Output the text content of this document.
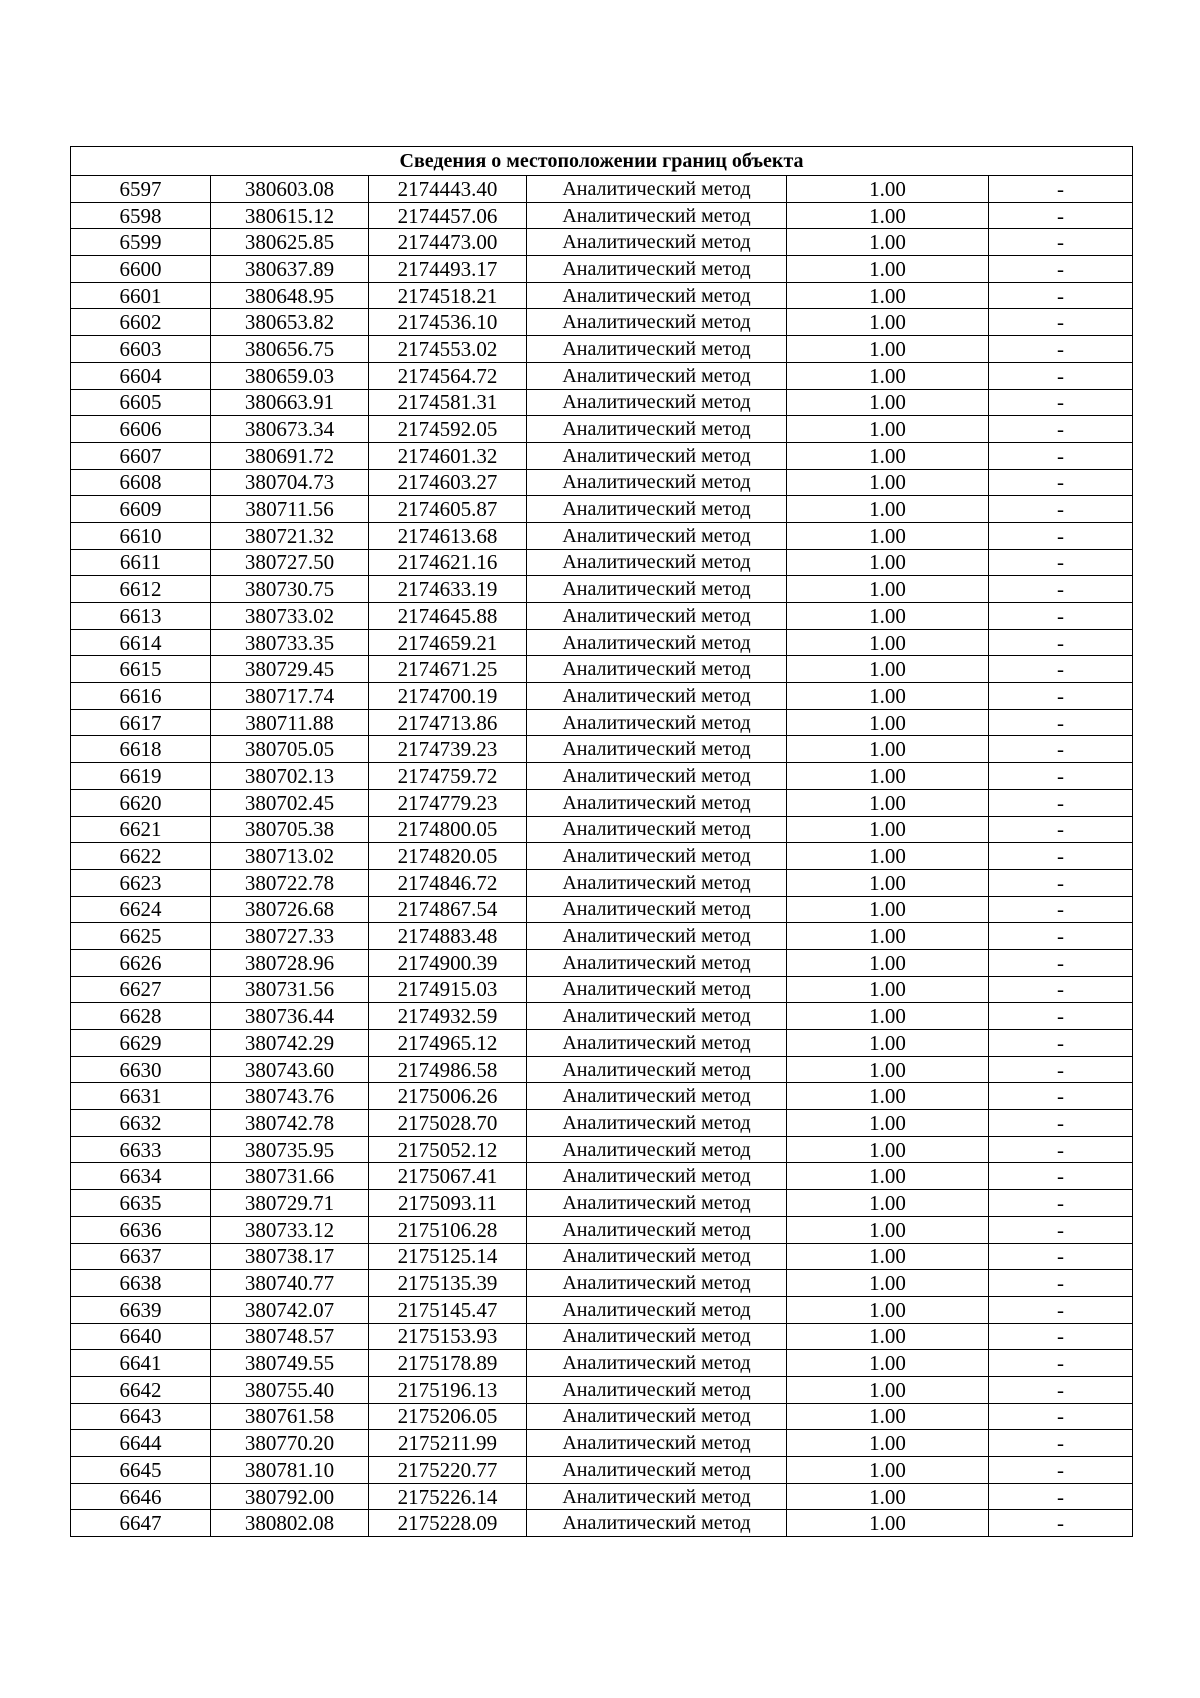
Сведения о местоположении границ объекта					
6597	380603.08	2174443.40	Аналитический метод	1.00	-
6598	380615.12	2174457.06	Аналитический метод	1.00	-
6599	380625.85	2174473.00	Аналитический метод	1.00	-
6600	380637.89	2174493.17	Аналитический метод	1.00	-
6601	380648.95	2174518.21	Аналитический метод	1.00	-
6602	380653.82	2174536.10	Аналитический метод	1.00	-
6603	380656.75	2174553.02	Аналитический метод	1.00	-
6604	380659.03	2174564.72	Аналитический метод	1.00	-
6605	380663.91	2174581.31	Аналитический метод	1.00	-
6606	380673.34	2174592.05	Аналитический метод	1.00	-
6607	380691.72	2174601.32	Аналитический метод	1.00	-
6608	380704.73	2174603.27	Аналитический метод	1.00	-
6609	380711.56	2174605.87	Аналитический метод	1.00	-
6610	380721.32	2174613.68	Аналитический метод	1.00	-
6611	380727.50	2174621.16	Аналитический метод	1.00	-
6612	380730.75	2174633.19	Аналитический метод	1.00	-
6613	380733.02	2174645.88	Аналитический метод	1.00	-
6614	380733.35	2174659.21	Аналитический метод	1.00	-
6615	380729.45	2174671.25	Аналитический метод	1.00	-
6616	380717.74	2174700.19	Аналитический метод	1.00	-
6617	380711.88	2174713.86	Аналитический метод	1.00	-
6618	380705.05	2174739.23	Аналитический метод	1.00	-
6619	380702.13	2174759.72	Аналитический метод	1.00	-
6620	380702.45	2174779.23	Аналитический метод	1.00	-
6621	380705.38	2174800.05	Аналитический метод	1.00	-
6622	380713.02	2174820.05	Аналитический метод	1.00	-
6623	380722.78	2174846.72	Аналитический метод	1.00	-
6624	380726.68	2174867.54	Аналитический метод	1.00	-
6625	380727.33	2174883.48	Аналитический метод	1.00	-
6626	380728.96	2174900.39	Аналитический метод	1.00	-
6627	380731.56	2174915.03	Аналитический метод	1.00	-
6628	380736.44	2174932.59	Аналитический метод	1.00	-
6629	380742.29	2174965.12	Аналитический метод	1.00	-
6630	380743.60	2174986.58	Аналитический метод	1.00	-
6631	380743.76	2175006.26	Аналитический метод	1.00	-
6632	380742.78	2175028.70	Аналитический метод	1.00	-
6633	380735.95	2175052.12	Аналитический метод	1.00	-
6634	380731.66	2175067.41	Аналитический метод	1.00	-
6635	380729.71	2175093.11	Аналитический метод	1.00	-
6636	380733.12	2175106.28	Аналитический метод	1.00	-
6637	380738.17	2175125.14	Аналитический метод	1.00	-
6638	380740.77	2175135.39	Аналитический метод	1.00	-
6639	380742.07	2175145.47	Аналитический метод	1.00	-
6640	380748.57	2175153.93	Аналитический метод	1.00	-
6641	380749.55	2175178.89	Аналитический метод	1.00	-
6642	380755.40	2175196.13	Аналитический метод	1.00	-
6643	380761.58	2175206.05	Аналитический метод	1.00	-
6644	380770.20	2175211.99	Аналитический метод	1.00	-
6645	380781.10	2175220.77	Аналитический метод	1.00	-
6646	380792.00	2175226.14	Аналитический метод	1.00	-
6647	380802.08	2175228.09	Аналитический метод	1.00	-
